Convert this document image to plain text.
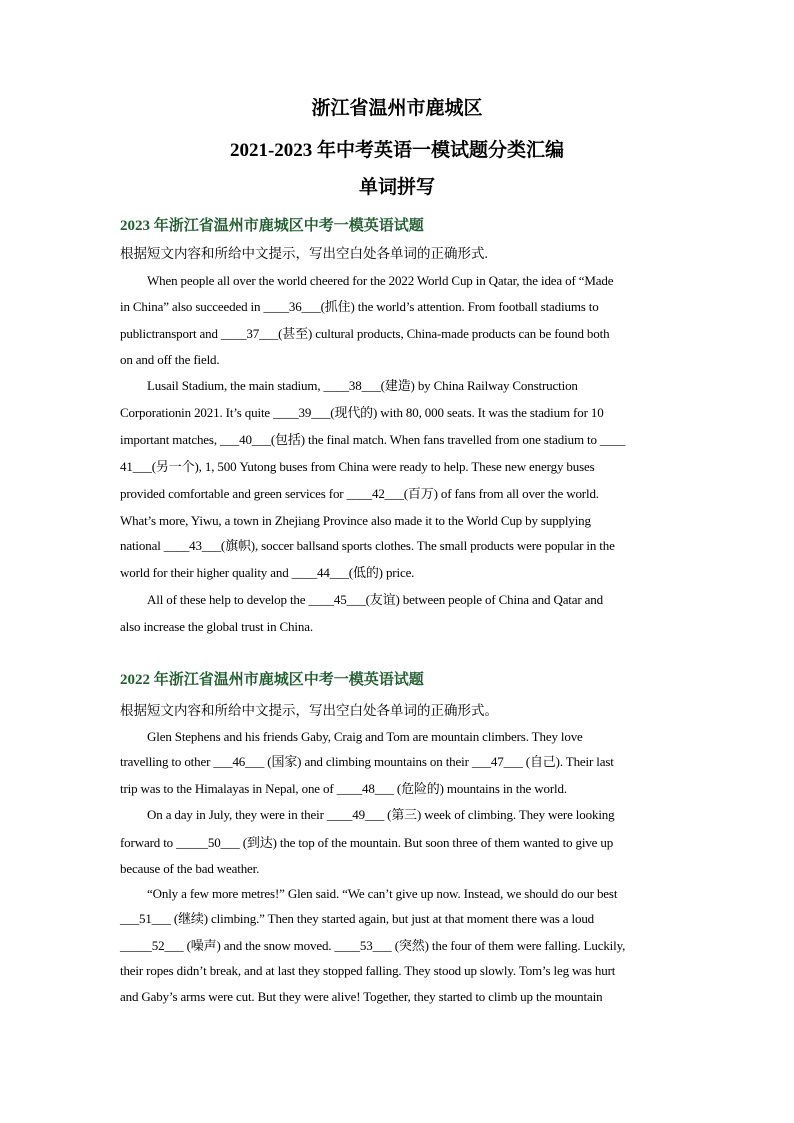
浙江省温州市鹿城区
2021-2023 年中考英语一模试题分类汇编
单词拼写
2023 年浙江省温州市鹿城区中考一模英语试题
根据短文内容和所给中文提示，写出空白处各单词的正确形式.
When people all over the world cheered for the 2022 World Cup in Qatar, the idea of “Made
in China” also succeeded in ____36___(抓住) the world’s attention. From football stadiums to
publictransport and ____37___(甚至) cultural products, China-made products can be found both
on and off the field.
Lusail Stadium, the main stadium, ____38___(建造) by China Railway Construction
Corporationin 2021. It’s quite ____39___(现代的) with 80, 000 seats. It was the stadium for 10
important matches, ___40___(包括) the final match. When fans travelled from one stadium to ____
41___(另一个), 1, 500 Yutong buses from China were ready to help. These new energy buses
provided comfortable and green services for ____42___(百万) of fans from all over the world.
What’s more, Yiwu, a town in Zhejiang Province also made it to the World Cup by supplying
national ____43___(旗帜), soccer ballsand sports clothes. The small products were popular in the
world for their higher quality and ____44___(低的) price.
All of these help to develop the ____45___(友谊) between people of China and Qatar and
also increase the global trust in China.
2022 年浙江省温州市鹿城区中考一模英语试题
根据短文内容和所给中文提示，写出空白处各单词的正确形式。
Glen Stephens and his friends Gaby, Craig and Tom are mountain climbers. They love
travelling to other ___46___ (国家) and climbing mountains on their ___47___ (自己). Their last
trip was to the Himalayas in Nepal, one of ____48___ (危险的) mountains in the world.
On a day in July, they were in their ____49___ (第三) week of climbing. They were looking
forward to _____50___ (到达) the top of the mountain. But soon three of them wanted to give up
because of the bad weather.
“Only a few more metres!” Glen said. “We can’t give up now. Instead, we should do our best
___51___ (继续) climbing.” Then they started again, but just at that moment there was a loud
_____52___ (噪声) and the snow moved. ____53___ (突然) the four of them were falling. Luckily,
their ropes didn’t break, and at last they stopped falling. They stood up slowly. Tom’s leg was hurt
and Gaby’s arms were cut. But they were alive! Together, they started to climb up the mountain
